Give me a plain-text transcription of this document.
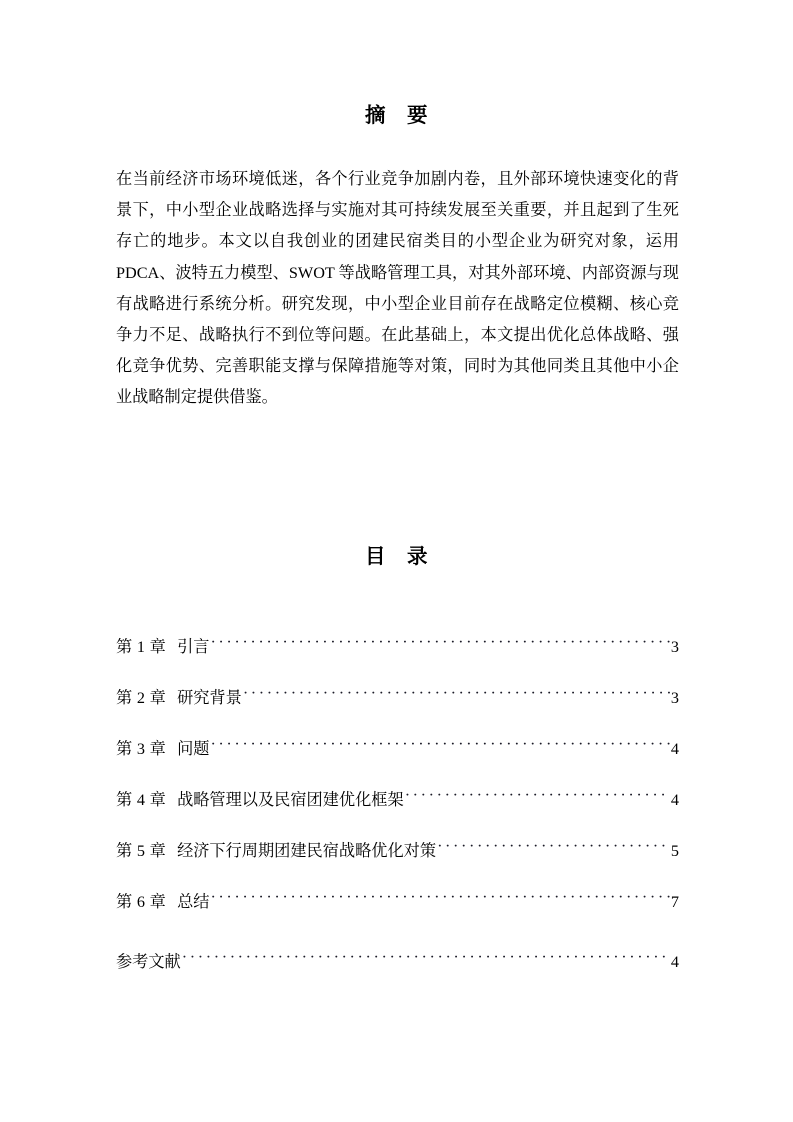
摘　要

在当前经济市场环境低迷，各个行业竞争加剧内卷，且外部环境快速变化的背景下，中小型企业战略选择与实施对其可持续发展至关重要，并且起到了生死存亡的地步。本文以自我创业的团建民宿类目的小型企业为研究对象，运用 PDCA、波特五力模型、SWOT 等战略管理工具，对其外部环境、内部资源与现有战略进行系统分析。研究发现，中小型企业目前存在战略定位模糊、核心竞争力不足、战略执行不到位等问题。在此基础上，本文提出优化总体战略、强化竞争优势、完善职能支撑与保障措施等对策，同时为其他同类且其他中小企业战略制定提供借鉴。

目　录
第 1 章 引言 ·····	3
第 2 章 研究背景 ·····	3
第 3 章 问题 ·····	4
第 4 章 战略管理以及民宿团建优化框架 ·····	4
第 5 章 经济下行周期团建民宿战略优化对策 ·····	5
第 6 章 总结 ·····	7
参考文献 ·····	4
